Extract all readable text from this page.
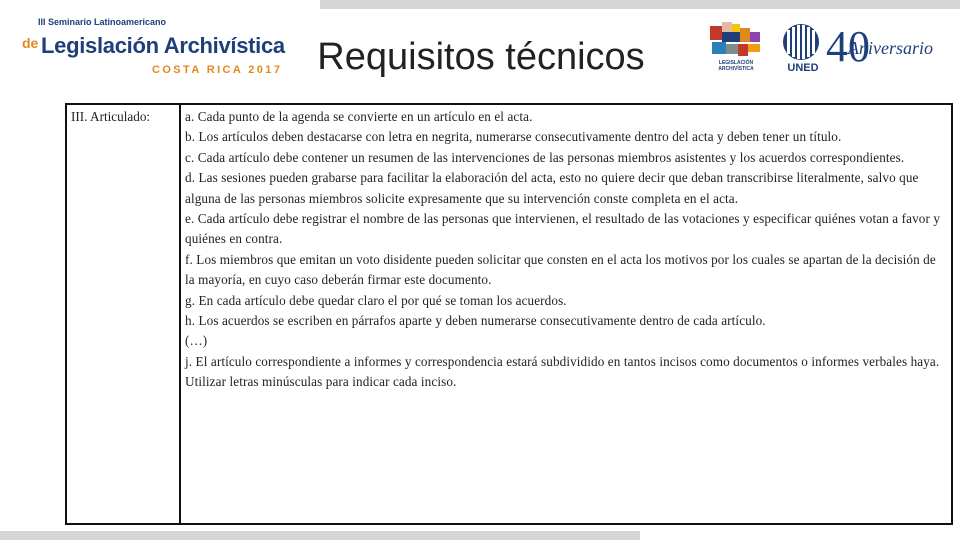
III Seminario Latinoamericano
de Legislación Archivística
COSTA RICA 2017 Requisitos técnicos	LEGISLACIÓN ARCHIVÍSTICA	UNED 40
Aniversario
III. Articulado:	a. Cada punto de la agenda se convierte en un artículo en el acta.

b. Los artículos deben destacarse con letra en negrita, numerarse consecutivamente dentro del acta y deben tener un título.

c. Cada artículo debe contener un resumen de las intervenciones de las personas miembros asistentes y los acuerdos correspondientes.

d. Las sesiones pueden grabarse para facilitar la elaboración del acta, esto no quiere decir que deban transcribirse literalmente, salvo que alguna de las personas miembros solicite expresamente que su intervención conste completa en el acta.

e. Cada artículo debe registrar el nombre de las personas que intervienen, el resultado de las votaciones y especificar quiénes votan a favor y quiénes en contra.

f. Los miembros que emitan un voto disidente pueden solicitar que consten en el acta los motivos por los cuales se apartan de la decisión de la mayoría, en cuyo caso deberán firmar este documento.

g. En cada artículo debe quedar claro el por qué se toman los acuerdos.

h. Los acuerdos se escriben en párrafos aparte y deben numerarse consecutivamente dentro de cada artículo.

(…)

j. El artículo correspondiente a informes y correspondencia estará subdividido en tantos incisos como documentos o informes verbales haya. Utilizar letras minúsculas para indicar cada inciso.
